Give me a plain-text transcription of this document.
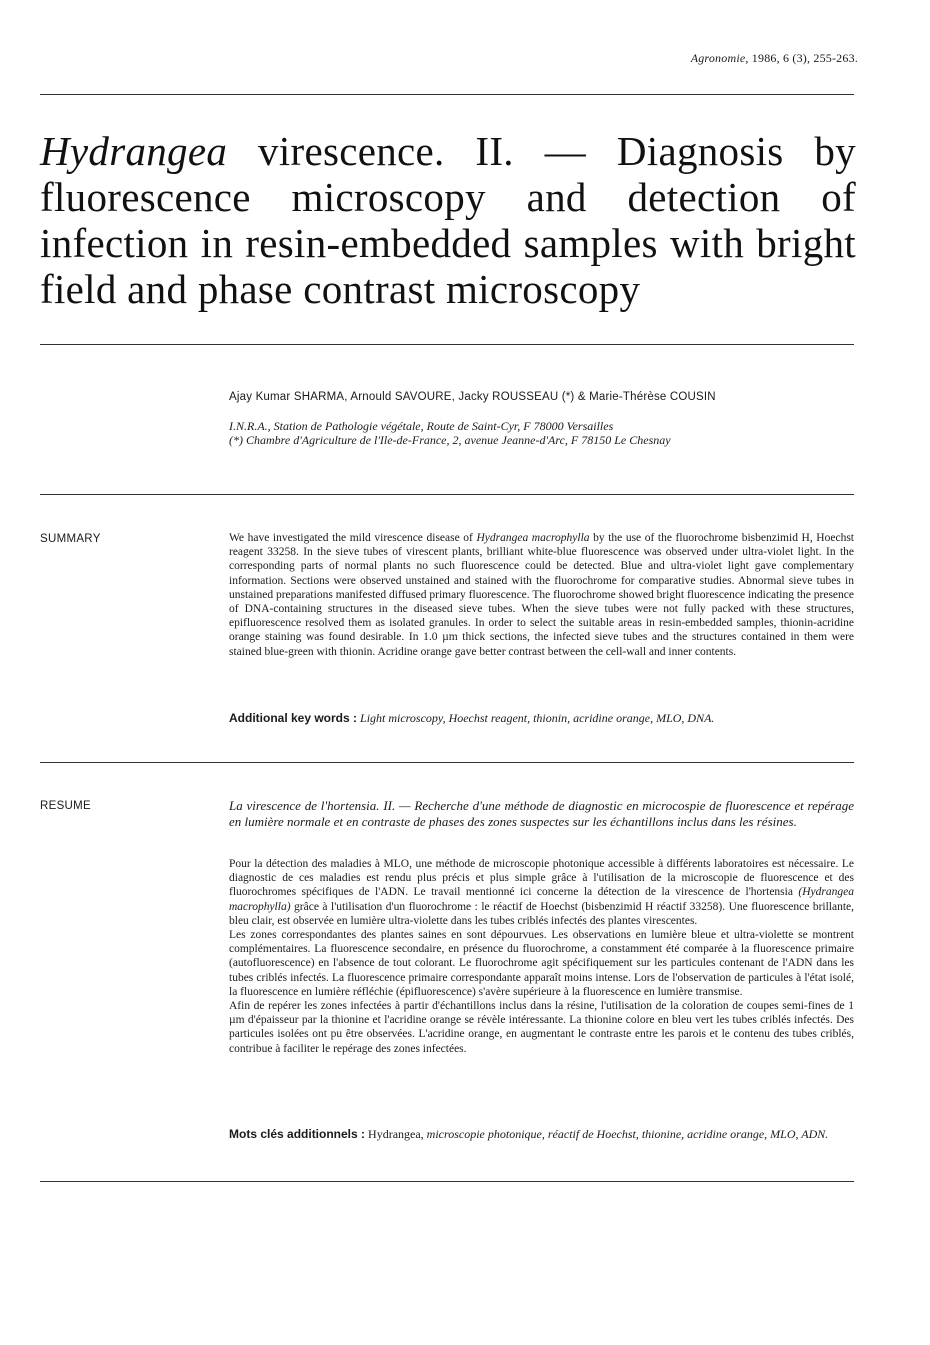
Agronomie, 1986, 6 (3), 255-263.
Hydrangea virescence. II. — Diagnosis by fluorescence microscopy and detection of infection in resin-embedded samples with bright field and phase contrast microscopy
Ajay Kumar SHARMA, Arnould SAVOURE, Jacky ROUSSEAU (*) & Marie-Thérèse COUSIN
I.N.R.A., Station de Pathologie végétale, Route de Saint-Cyr, F 78000 Versailles
(*) Chambre d'Agriculture de l'Ile-de-France, 2, avenue Jeanne-d'Arc, F 78150 Le Chesnay
SUMMARY	We have investigated the mild virescence disease of Hydrangea macrophylla by the use of the fluorochrome bisbenzimid H, Hoechst reagent 33258. In the sieve tubes of virescent plants, brilliant white-blue fluorescence was observed under ultra-violet light. In the corresponding parts of normal plants no such fluorescence could be detected. Blue and ultra-violet light gave complementary information. Sections were observed unstained and stained with the fluorochrome for comparative studies. Abnormal sieve tubes in unstained preparations manifested diffused primary fluorescence. The fluorochrome showed bright fluorescence indicating the presence of DNA-containing structures in the diseased sieve tubes. When the sieve tubes were not fully packed with these structures, epifluorescence resolved them as isolated granules. In order to select the suitable areas in resin-embedded samples, thionin-acridine orange staining was found desirable. In 1.0 µm thick sections, the infected sieve tubes and the structures contained in them were stained blue-green with thionin. Acridine orange gave better contrast between the cell-wall and inner contents.

Additional key words : Light microscopy, Hoechst reagent, thionin, acridine orange, MLO, DNA.

RESUME	La virescence de l'hortensia. II. — Recherche d'une méthode de diagnostic en microcospie de fluorescence et repérage en lumière normale et en contraste de phases des zones suspectes sur les échantillons inclus dans les résines.

Pour la détection des maladies à MLO, une méthode de microscopie photonique accessible à différents laboratoires est nécessaire. Le diagnostic de ces maladies est rendu plus précis et plus simple grâce à l'utilisation de la microscopie de fluorescence et des fluorochromes spécifiques de l'ADN. Le travail mentionné ici concerne la détection de la virescence de l'hortensia (Hydrangea macrophylla) grâce à l'utilisation d'un fluorochrome : le réactif de Hoechst (bisbenzimid H réactif 33258). Une fluorescence brillante, bleu clair, est observée en lumière ultra-violette dans les tubes criblés infectés des plantes virescentes.

Les zones correspondantes des plantes saines en sont dépourvues. Les observations en lumière bleue et ultra-violette se montrent complémentaires. La fluorescence secondaire, en présence du fluorochrome, a constamment été comparée à la fluorescence primaire (autofluorescence) en l'absence de tout colorant. Le fluorochrome agit spécifiquement sur les particules contenant de l'ADN dans les tubes criblés infectés. La fluorescence primaire correspondante apparaît moins intense. Lors de l'observation de particules à l'état isolé, la fluorescence en lumière réfléchie (épifluorescence) s'avère supérieure à la fluorescence en lumière transmise.

Afin de repérer les zones infectées à partir d'échantillons inclus dans la résine, l'utilisation de la coloration de coupes semi-fines de 1 µm d'épaisseur par la thionine et l'acridine orange se révèle intéressante. La thionine colore en bleu vert les tubes criblés infectés. Des particules isolées ont pu être observées. L'acridine orange, en augmentant le contraste entre les parois et le contenu des tubes criblés, contribue à faciliter le repérage des zones infectées.

Mots clés additionnels : Hydrangea, microscopie photonique, réactif de Hoechst, thionine, acridine orange, MLO, ADN.
